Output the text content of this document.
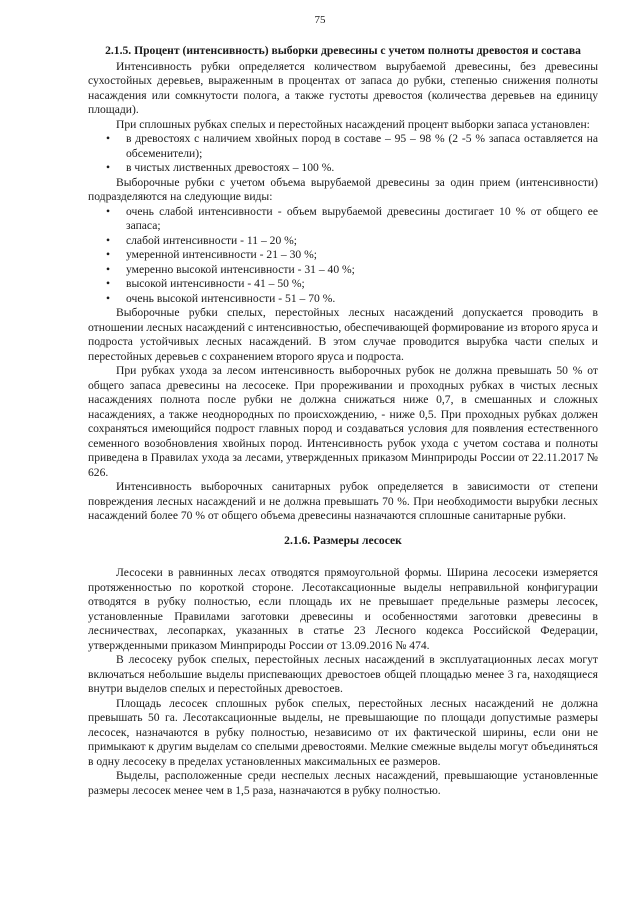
75
2.1.5. Процент (интенсивность) выборки древесины с учетом полноты древостоя и состава

Интенсивность рубки определяется количеством вырубаемой древесины, без древесины сухостойных деревьев, выраженным в процентах от запаса до рубки, степенью снижения полноты насаждения или сомкнутости полога, а также густоты древостоя (количества деревьев на единицу площади).

При сплошных рубках спелых и перестойных насаждений процент выборки запаса установлен:

• в древостоях с наличием хвойных пород в составе – 95 – 98 % (2 -5 % запаса оставляется на обсеменители);
• в чистых лиственных древостоях – 100 %.

Выборочные рубки с учетом объема вырубаемой древесины за один прием (интенсивности) подразделяются на следующие виды:

• очень слабой интенсивности - объем вырубаемой древесины достигает 10 % от общего ее запаса;
• слабой интенсивности - 11 – 20 %;
• умеренной интенсивности - 21 – 30 %;
• умеренно высокой интенсивности - 31 – 40 %;
• высокой интенсивности - 41 – 50 %;
• очень высокой интенсивности - 51 – 70 %.

Выборочные рубки спелых, перестойных лесных насаждений допускается проводить в отношении лесных насаждений с интенсивностью, обеспечивающей формирование из второго яруса и подроста устойчивых лесных насаждений. В этом случае проводится вырубка части спелых и перестойных деревьев с сохранением второго яруса и подроста.

При рубках ухода за лесом интенсивность выборочных рубок не должна превышать 50 % от общего запаса древесины на лесосеке. При прореживании и проходных рубках в чистых лесных насаждениях полнота после рубки не должна снижаться ниже 0,7, в смешанных и сложных насаждениях, а также неоднородных по происхождению, - ниже 0,5. При проходных рубках должен сохраняться имеющийся подрост главных пород и создаваться условия для появления естественного семенного возобновления хвойных пород. Интенсивность рубок ухода с учетом состава и полноты приведена в Правилах ухода за лесами, утвержденных приказом Минприроды России от 22.11.2017 № 626.

Интенсивность выборочных санитарных рубок определяется в зависимости от степени повреждения лесных насаждений и не должна превышать 70 %. При необходимости вырубки лесных насаждений более 70 % от общего объема древесины назначаются сплошные санитарные рубки.

2.1.6. Размеры лесосек

Лесосеки в равнинных лесах отводятся прямоугольной формы. Ширина лесосеки измеряется протяженностью по короткой стороне. Лесотаксационные выделы неправильной конфигурации отводятся в рубку полностью, если площадь их не превышает предельные размеры лесосек, установленные Правилами заготовки древесины и особенностями заготовки древесины в лесничествах, лесопарках, указанных в статье 23 Лесного кодекса Российской Федерации, утвержденными приказом Минприроды России от 13.09.2016 № 474.

В лесосеку рубок спелых, перестойных лесных насаждений в эксплуатационных лесах могут включаться небольшие выделы приспевающих древостоев общей площадью менее 3 га, находящиеся внутри выделов спелых и перестойных древостоев.

Площадь лесосек сплошных рубок спелых, перестойных лесных насаждений не должна превышать 50 га. Лесотаксационные выделы, не превышающие по площади допустимые размеры лесосек, назначаются в рубку полностью, независимо от их фактической ширины, если они не примыкают к другим выделам со спелыми древостоями. Мелкие смежные выделы могут объединяться в одну лесосеку в пределах установленных максимальных ее размеров.

Выделы, расположенные среди неспелых лесных насаждений, превышающие установленные размеры лесосек менее чем в 1,5 раза, назначаются в рубку полностью.
